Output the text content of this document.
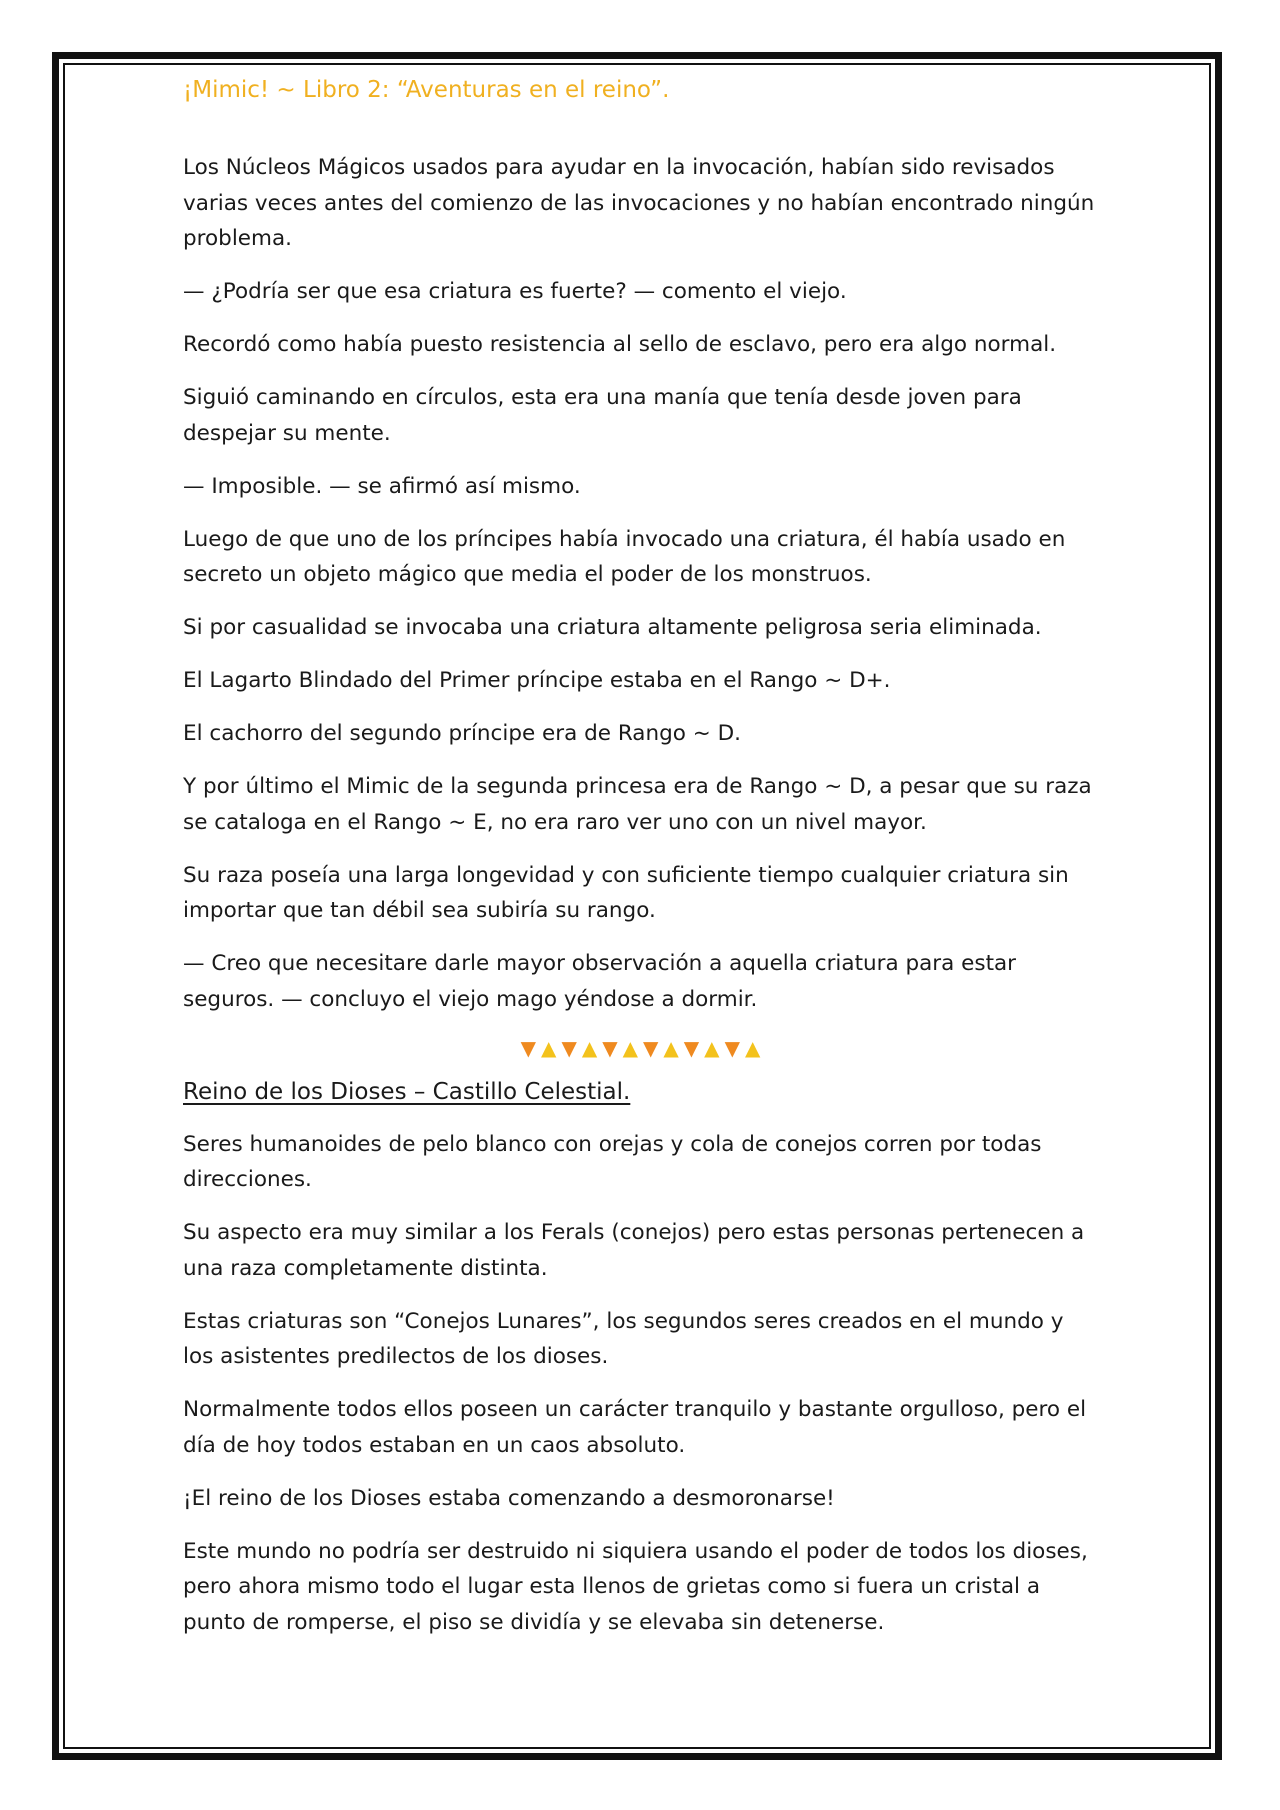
¡Mimic! ~ Libro 2: “Aventuras en el reino”.
Los Núcleos Mágicos usados para ayudar en la invocación, habían sido revisados
varias veces antes del comienzo de las invocaciones y no habían encontrado ningún
problema.
— ¿Podría ser que esa criatura es fuerte? — comento el viejo.
Recordó como había puesto resistencia al sello de esclavo, pero era algo normal.
Siguió caminando en círculos, esta era una manía que tenía desde joven para
despejar su mente.
— Imposible. — se afirmó así mismo.
Luego de que uno de los príncipes había invocado una criatura, él había usado en
secreto un objeto mágico que media el poder de los monstruos.
Si por casualidad se invocaba una criatura altamente peligrosa seria eliminada.
El Lagarto Blindado del Primer príncipe estaba en el Rango ~ D+.
El cachorro del segundo príncipe era de Rango ~ D.
Y por último el Mimic de la segunda princesa era de Rango ~ D, a pesar que su raza
se cataloga en el Rango ~ E, no era raro ver uno con un nivel mayor.
Su raza poseía una larga longevidad y con suficiente tiempo cualquier criatura sin
importar que tan débil sea subiría su rango.
— Creo que necesitare darle mayor observación a aquella criatura para estar
seguros. — concluyo el viejo mago yéndose a dormir.
▼▲▼▲▼▲▼▲▼▲▼▲
Reino de los Dioses – Castillo Celestial.
Seres humanoides de pelo blanco con orejas y cola de conejos corren por todas
direcciones.
Su aspecto era muy similar a los Ferals (conejos) pero estas personas pertenecen a
una raza completamente distinta.
Estas criaturas son “Conejos Lunares”, los segundos seres creados en el mundo y
los asistentes predilectos de los dioses.
Normalmente todos ellos poseen un carácter tranquilo y bastante orgulloso, pero el
día de hoy todos estaban en un caos absoluto.
¡El reino de los Dioses estaba comenzando a desmoronarse!
Este mundo no podría ser destruido ni siquiera usando el poder de todos los dioses,
pero ahora mismo todo el lugar esta llenos de grietas como si fuera un cristal a
punto de romperse, el piso se dividía y se elevaba sin detenerse.
